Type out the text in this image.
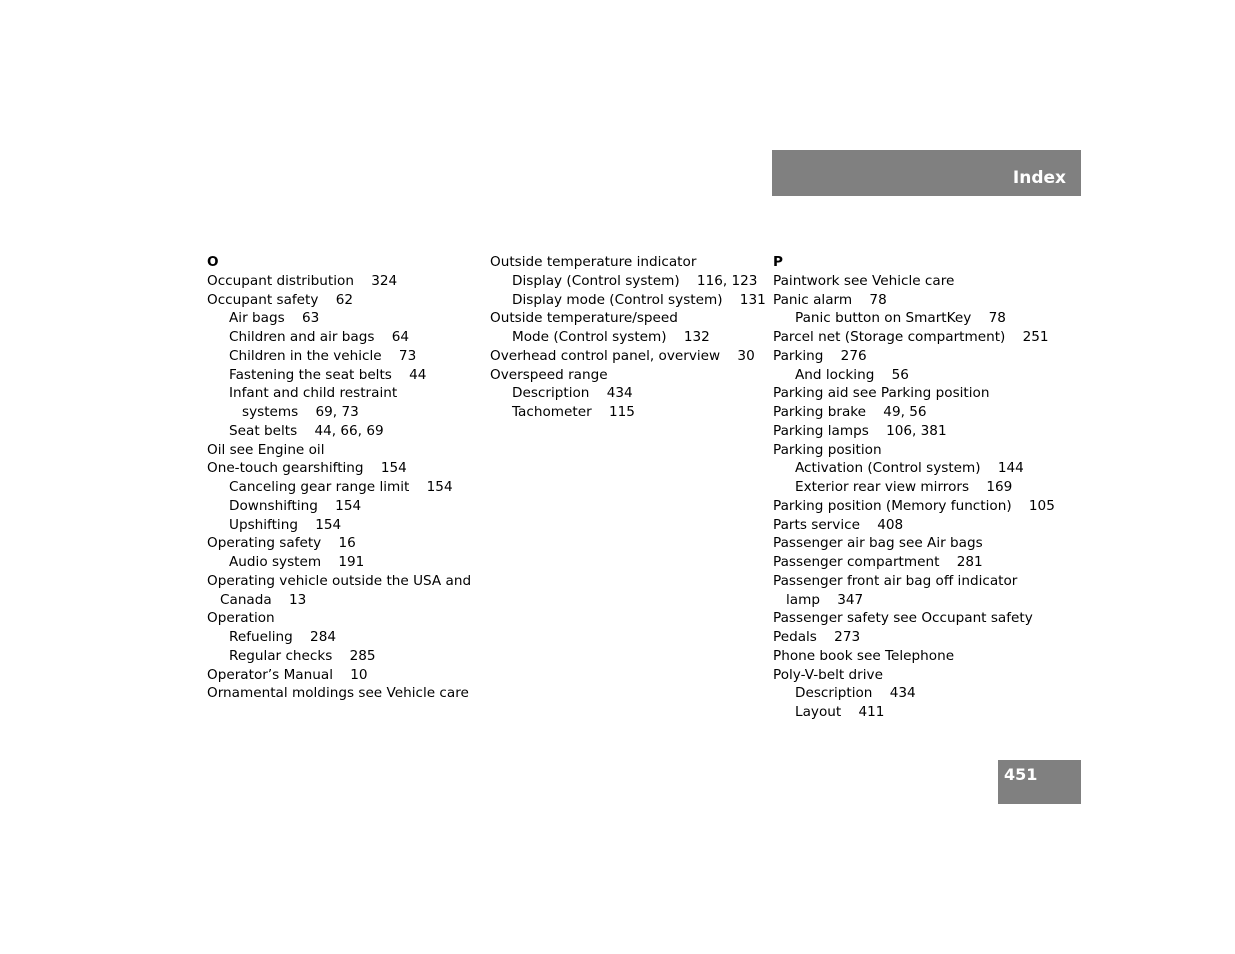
Index
O
Occupant distribution    324
Occupant safety    62
Air bags    63
Children and air bags    64
Children in the vehicle    73
Fastening the seat belts    44
Infant and child restraint
systems    69, 73
Seat belts    44, 66, 69
Oil see Engine oil
One-touch gearshifting    154
Canceling gear range limit    154
Downshifting    154
Upshifting    154
Operating safety    16
Audio system    191
Operating vehicle outside the USA and
Canada    13
Operation
Refueling    284
Regular checks    285
Operator’s Manual    10
Ornamental moldings see Vehicle care
Outside temperature indicator
Display (Control system)    116, 123
Display mode (Control system)    131
Outside temperature/speed
Mode (Control system)    132
Overhead control panel, overview    30
Overspeed range
Description    434
Tachometer    115
P
Paintwork see Vehicle care
Panic alarm    78
Panic button on SmartKey    78
Parcel net (Storage compartment)    251
Parking    276
And locking    56
Parking aid see Parking position
Parking brake    49, 56
Parking lamps    106, 381
Parking position
Activation (Control system)    144
Exterior rear view mirrors    169
Parking position (Memory function)    105
Parts service    408
Passenger air bag see Air bags
Passenger compartment    281
Passenger front air bag off indicator
lamp    347
Passenger safety see Occupant safety
Pedals    273
Phone book see Telephone
Poly-V-belt drive
Description    434
Layout    411
451
